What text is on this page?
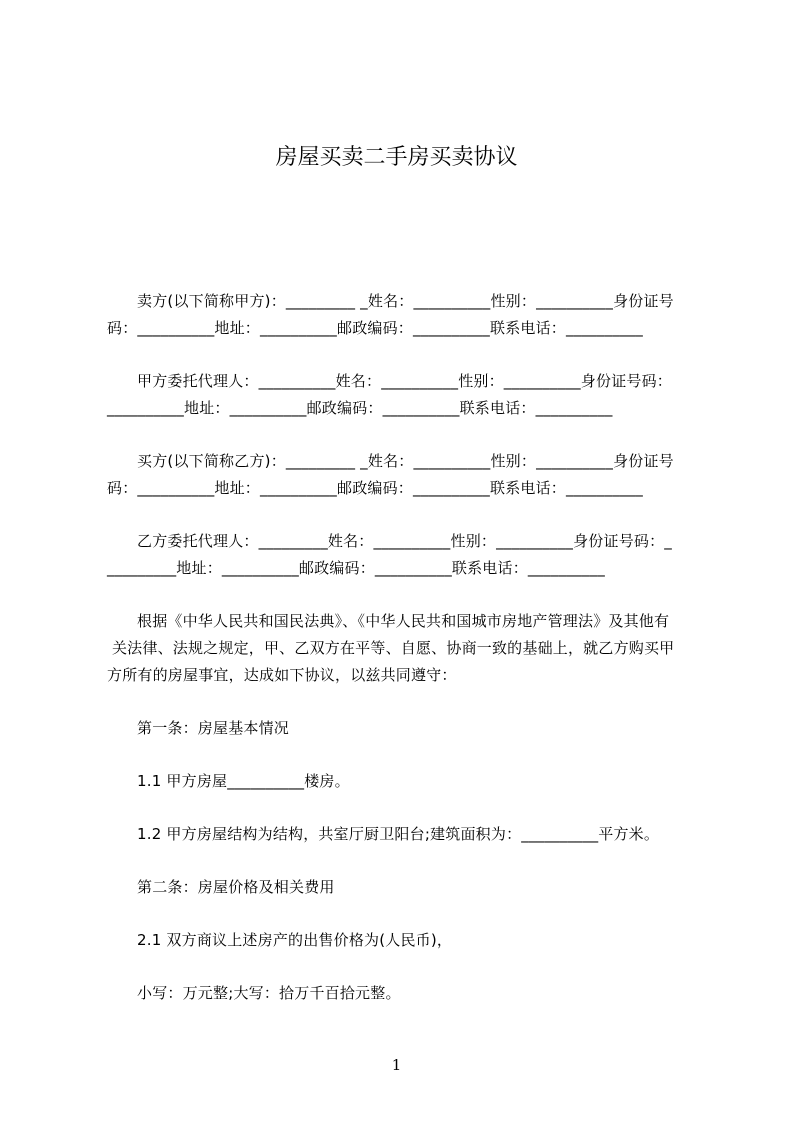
房屋买卖二手房买卖协议
卖方(以下简称甲方)：_________ _姓名：__________性别：__________身份证号
码：__________地址：__________邮政编码：__________联系电话：__________
甲方委托代理人：__________姓名：__________性别：__________身份证号码：
__________地址：__________邮政编码：__________联系电话：__________
买方(以下简称乙方)：_________ _姓名：__________性别：__________身份证号
码：__________地址：__________邮政编码：__________联系电话：__________
乙方委托代理人：_________姓名：__________性别：__________身份证号码：_
_________地址：__________邮政编码：__________联系电话：__________
根据《中华人民共和国民法典》、《中华人民共和国城市房地产管理法》及其他有
关法律、法规之规定，甲、乙双方在平等、自愿、协商一致的基础上，就乙方购买甲
方所有的房屋事宜，达成如下协议，以兹共同遵守：
第一条：房屋基本情况
1.1 甲方房屋__________楼房。
1.2 甲方房屋结构为结构，共室厅厨卫阳台;建筑面积为：__________平方米。
第二条：房屋价格及相关费用
2.1 双方商议上述房产的出售价格为(人民币)，
小写：万元整;大写：拾万千百拾元整。
1
